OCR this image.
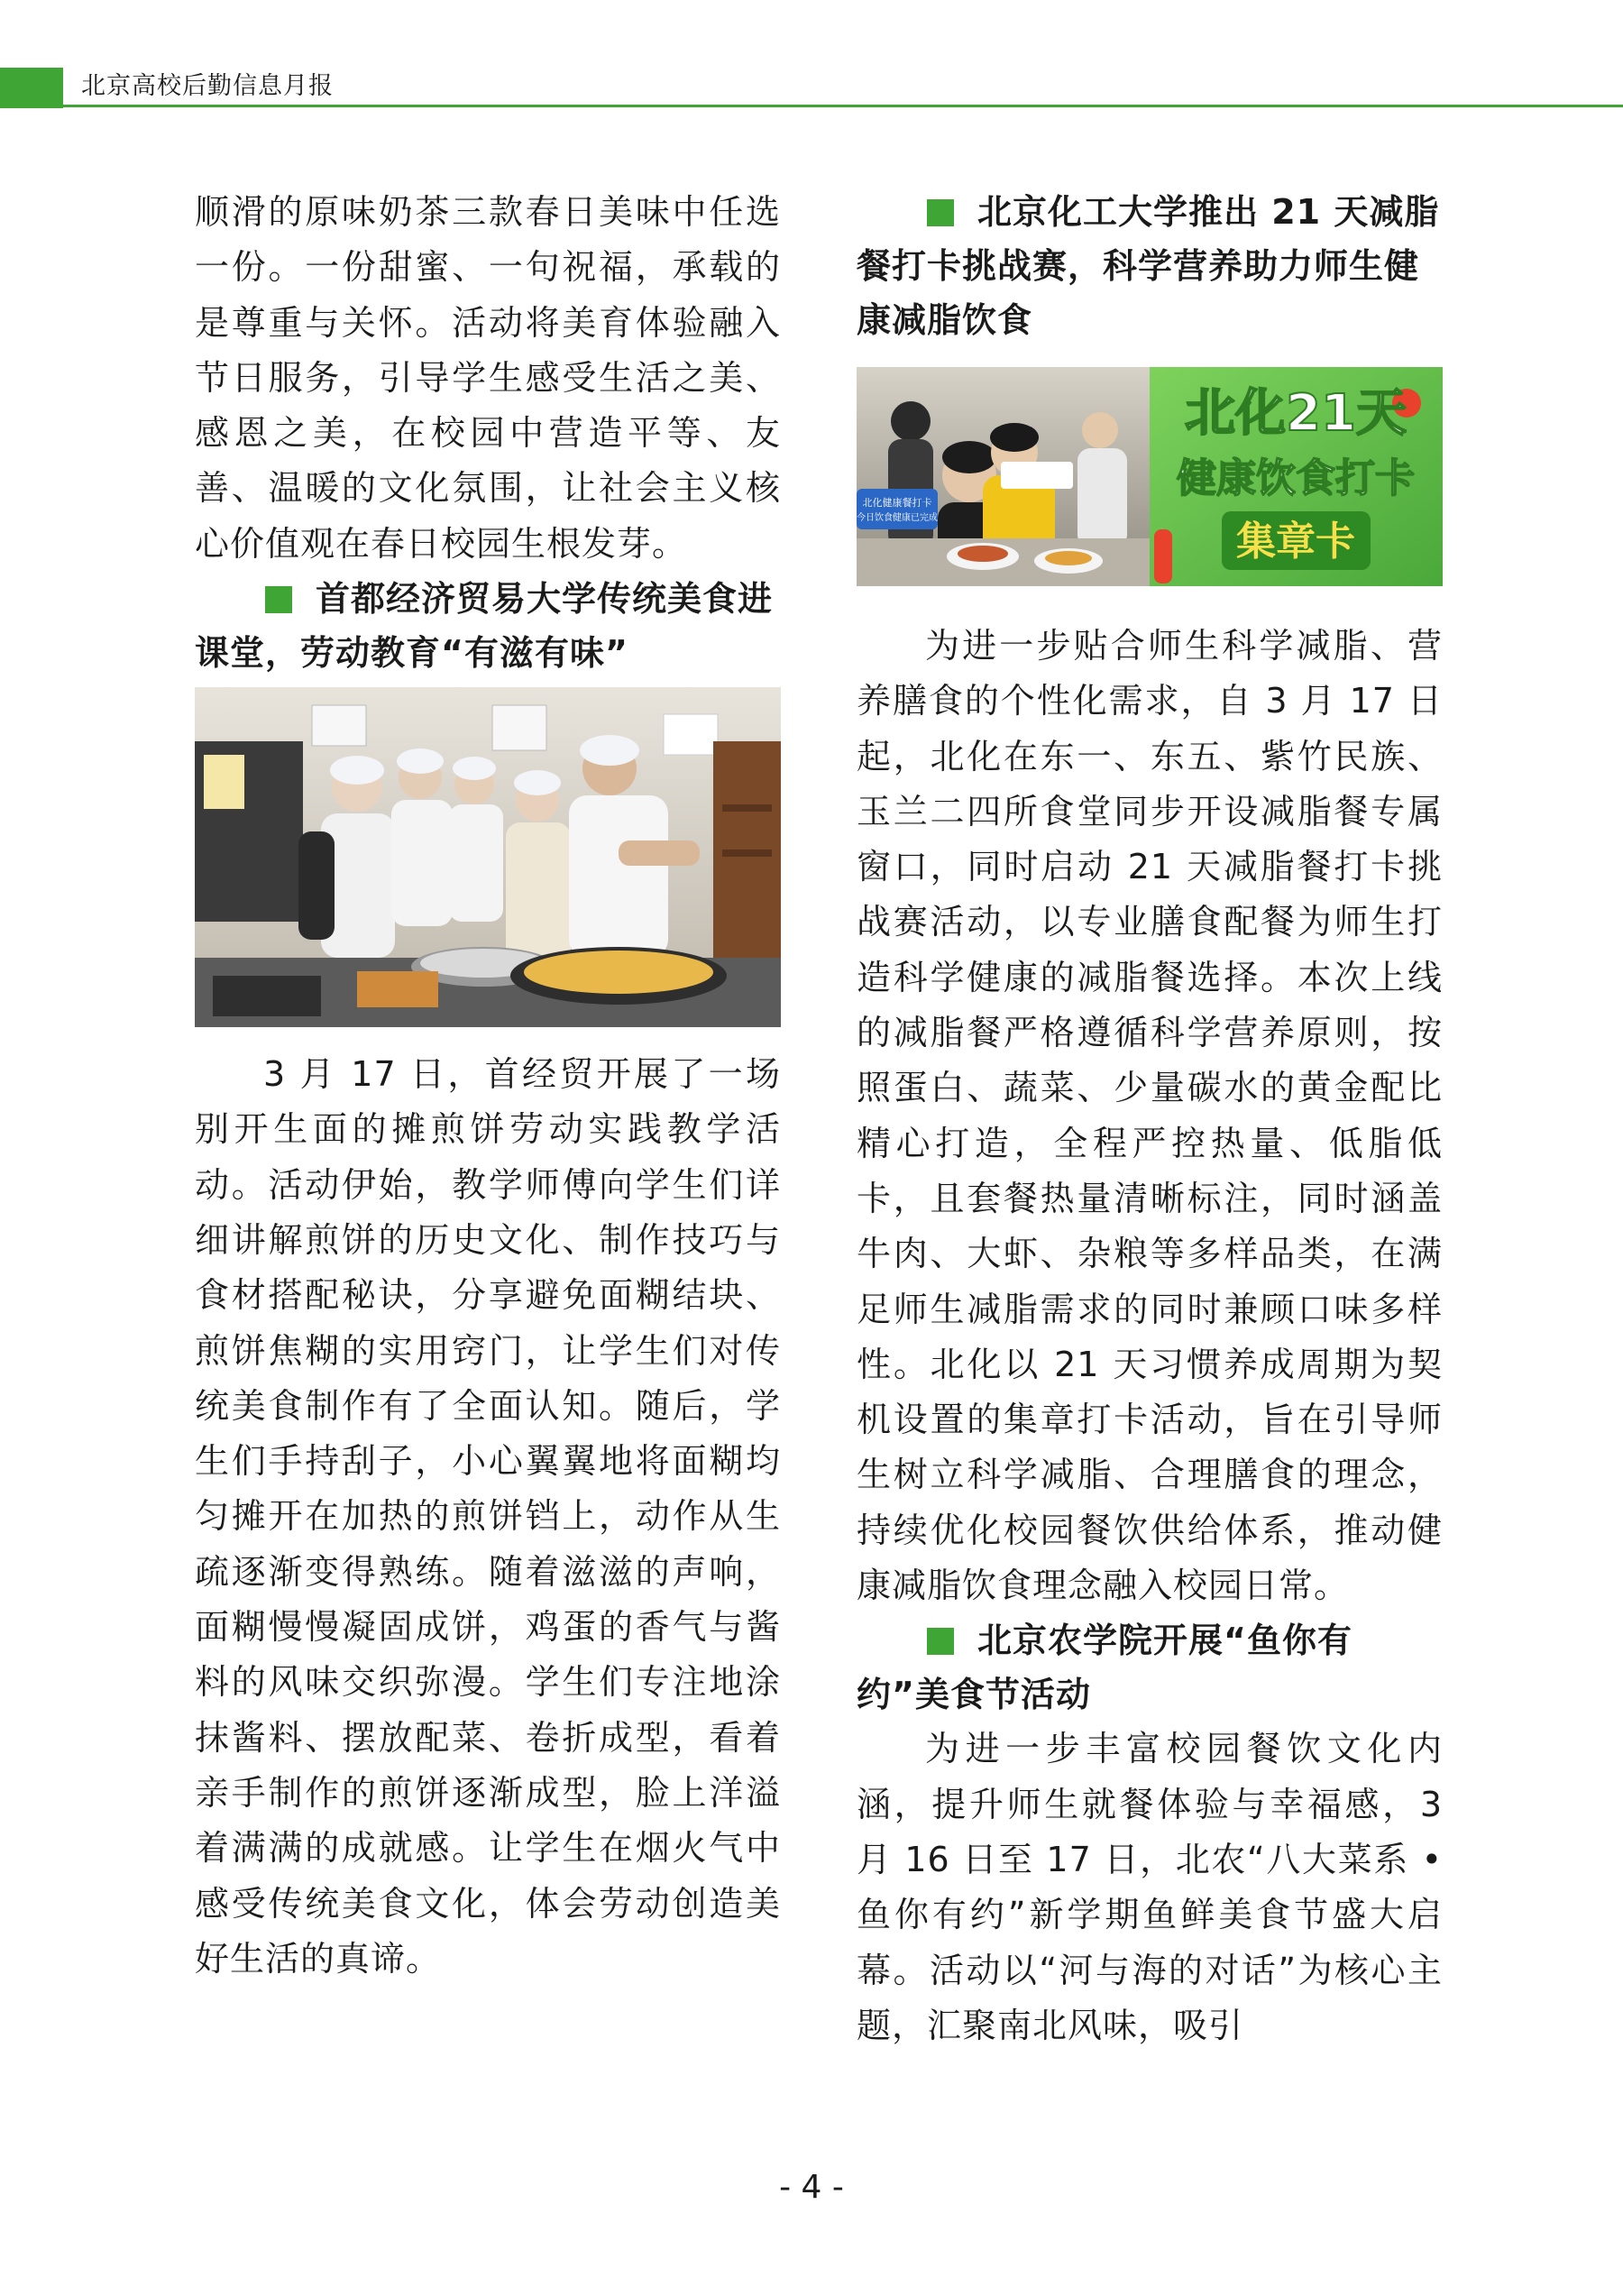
北京高校后勤信息月报

顺滑的原味奶茶三款春日美味中任选一份。一份甜蜜、一句祝福，承载的是尊重与关怀。活动将美育体验融入节日服务，引导学生感受生活之美、感恩之美，在校园中营造平等、友善、温暖的文化氛围，让社会主义核心价值观在春日校园生根发芽。

首都经济贸易大学传统美食进课堂，劳动教育“有滋有味”

3 月 17 日，首经贸开展了一场别开生面的摊煎饼劳动实践教学活动。活动伊始，教学师傅向学生们详细讲解煎饼的历史文化、制作技巧与食材搭配秘诀，分享避免面糊结块、煎饼焦糊的实用窍门，让学生们对传统美食制作有了全面认知。随后，学生们手持刮子，小心翼翼地将面糊均匀摊开在加热的煎饼铛上，动作从生疏逐渐变得熟练。随着滋滋的声响，面糊慢慢凝固成饼，鸡蛋的香气与酱料的风味交织弥漫。学生们专注地涂抹酱料、摆放配菜、卷折成型，看着亲手制作的煎饼逐渐成型，脸上洋溢着满满的成就感。让学生在烟火气中感受传统美食文化，体会劳动创造美好生活的真谛。

北京化工大学推出 21 天减脂餐打卡挑战赛，科学营养助力师生健康减脂饮食

北化健康餐打卡
今日饮食健康已完成
北化21天
健康饮食打卡
集章卡

为进一步贴合师生科学减脂、营养膳食的个性化需求，自 3 月 17 日起，北化在东一、东五、紫竹民族、玉兰二四所食堂同步开设减脂餐专属窗口，同时启动 21 天减脂餐打卡挑战赛活动，以专业膳食配餐为师生打造科学健康的减脂餐选择。本次上线的减脂餐严格遵循科学营养原则，按照蛋白、蔬菜、少量碳水的黄金配比精心打造，全程严控热量、低脂低卡，且套餐热量清晰标注，同时涵盖牛肉、大虾、杂粮等多样品类，在满足师生减脂需求的同时兼顾口味多样性。北化以 21 天习惯养成周期为契机设置的集章打卡活动，旨在引导师生树立科学减脂、合理膳食的理念，持续优化校园餐饮供给体系，推动健康减脂饮食理念融入校园日常。

北京农学院开展“鱼你有约”美食节活动

为进一步丰富校园餐饮文化内涵，提升师生就餐体验与幸福感，3 月 16 日至 17 日，北农“八大菜系 • 鱼你有约”新学期鱼鲜美食节盛大启幕。活动以“河与海的对话”为核心主题，汇聚南北风味，吸引

- 4 -
